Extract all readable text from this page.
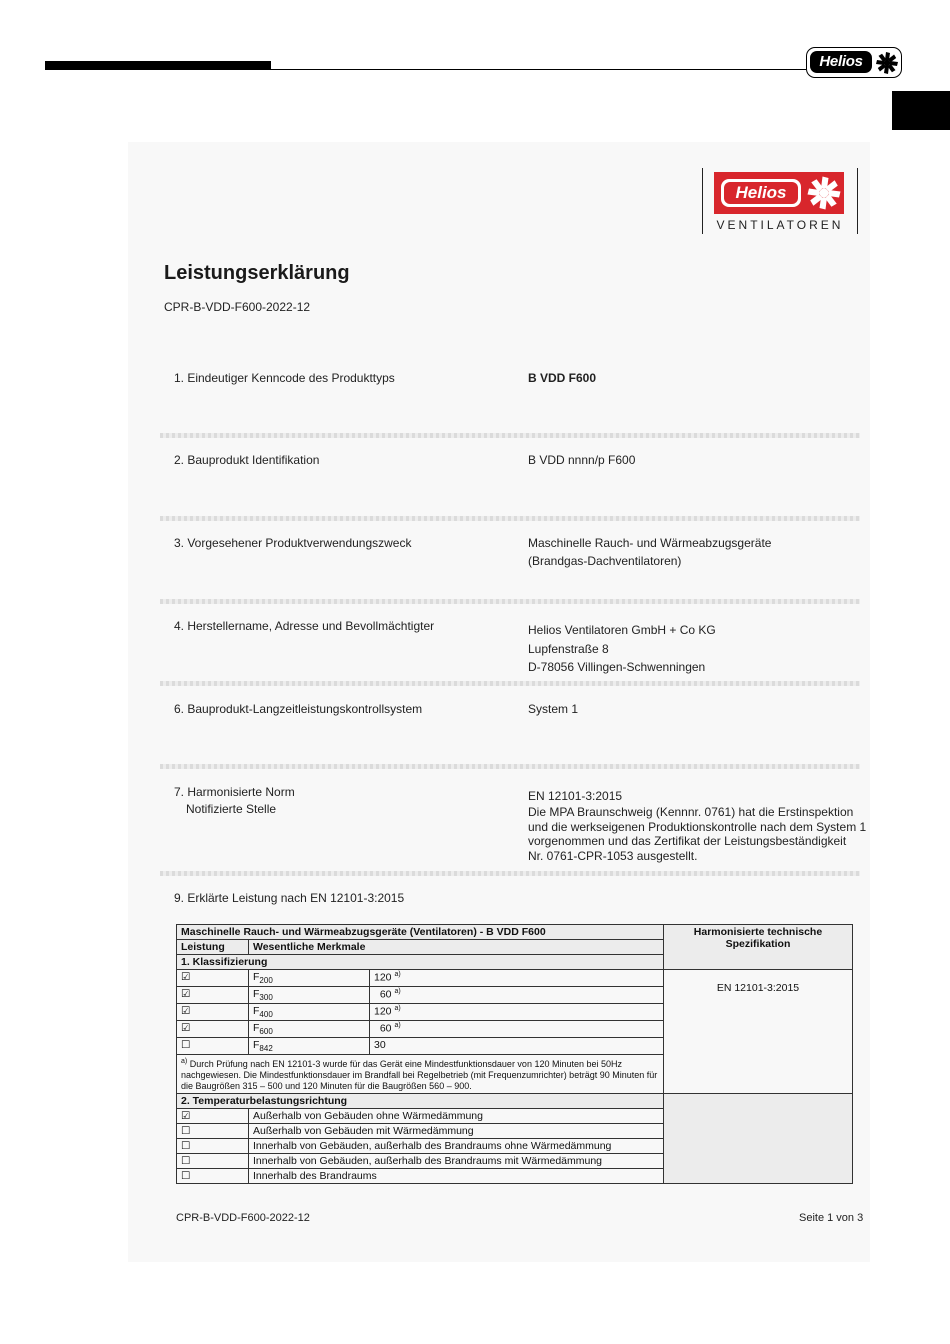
Helios
Helios
VENTILATOREN
Leistungserklärung
CPR-B-VDD-F600-2022-12
1. Eindeutiger Kenncode des Produkttyps	B VDD F600
2. Bauprodukt Identifikation	B VDD nnnn/p F600
3. Vorgesehener Produktverwendungszweck	Maschinelle Rauch- und Wärmeabzugsgeräte
(Brandgas-Dachventilatoren)
4. Herstellername, Adresse und Bevollmächtigter	Helios Ventilatoren GmbH + Co KG
Lupfenstraße 8
D-78056 Villingen-Schwenningen
6. Bauprodukt-Langzeitleistungskontrollsystem	System 1
7. Harmonisierte Norm
Notifizierte Stelle
EN 12101-3:2015
Die MPA Braunschweig (Kennnr. 0761) hat die Erstinspektion
und die werkseigenen Produktionskontrolle nach dem System 1
vorgenommen und das Zertifikat der Leistungsbeständigkeit
Nr. 0761-CPR-1053 ausgestellt.
9. Erklärte Leistung nach EN 12101-3:2015
Maschinelle Rauch- und Wärmeabzugsgeräte (Ventilatoren) - B VDD F600			Harmonisierte technische Spezifikation
Leistung	Wesentliche Merkmale		
1. Klassifizierung			
☑	$F_{200}$	120 $^{a)}$	EN 12101-3:2015
☑	$F_{300}$	60 $^{a)}$
☑	$F_{400}$	120 $^{a)}$
☑	$F_{600}$	60 $^{a)}$
☐	$F_{842}$	30	
$^{a)}$ Durch Prüfung nach EN 12101-3 wurde für das Gerät eine Mindestfunktionsdauer von 120 Minuten bei 50Hz nachgewiesen. Die Mindestfunktionsdauer im Brandfall bei Regelbetrieb (mit Frequenzumrichter) beträgt 90 Minuten für die Baugrößen 315 – 500 und 120 Minuten für die Baugrößen 560 – 900.			
2. Temperaturbelastungsrichtung			
☑	Außerhalb von Gebäuden ohne Wärmedämmung		
☐	Außerhalb von Gebäuden mit Wärmedämmung		
☐	Innerhalb von Gebäuden, außerhalb des Brandraums ohne Wärmedämmung		
☐	Innerhalb von Gebäuden, außerhalb des Brandraums mit Wärmedämmung		
☐	Innerhalb des Brandraums		
CPR-B-VDD-F600-2022-12	Seite 1 von 3
